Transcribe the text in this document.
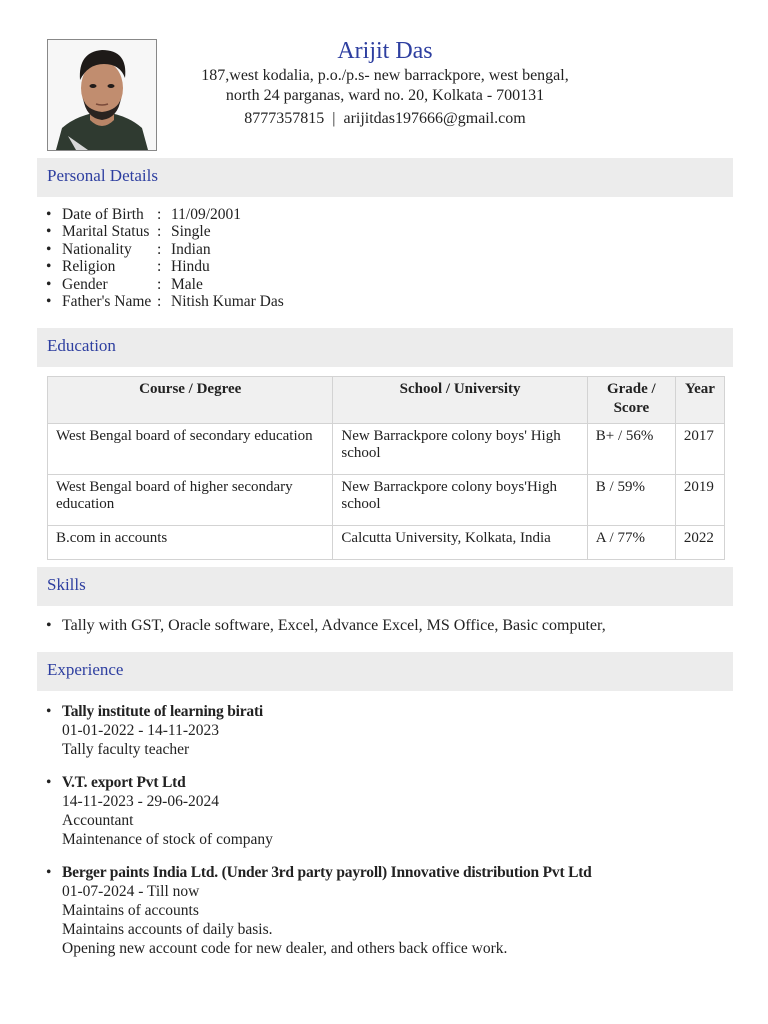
Arijit Das
187,west kodalia, p.o./p.s- new barrackpore, west bengal,
north 24 parganas, ward no. 20, Kolkata - 700131
8777357815 | arijitdas197666@gmail.com
Personal Details
• Date of Birth : 11/09/2001
• Marital Status : Single
• Nationality : Indian
• Religion	: Hindu
• Gender	: Male
• Father's Name : Nitish Kumar Das
Education
Course / Degree	School / University	Grade / Score	Year
West Bengal board of secondary education	New Barrackpore colony boys' High school	B+ / 56%	2017
West Bengal board of higher secondary education	New Barrackpore colony boys'High school	B / 59%	2019
B.com in accounts	Calcutta University, Kolkata, India	A / 77%	2022
Skills
• Tally with GST, Oracle software, Excel, Advance Excel, MS Office, Basic computer,
Experience
• Tally institute of learning birati
01-01-2022 - 14-11-2023
Tally faculty teacher
• V.T. export Pvt Ltd
14-11-2023 - 29-06-2024
Accountant
Maintenance of stock of company
• Berger paints India Ltd. (Under 3rd party payroll) Innovative distribution Pvt Ltd
01-07-2024 - Till now
Maintains of accounts
Maintains accounts of daily basis.
Opening new account code for new dealer, and others back office work.
